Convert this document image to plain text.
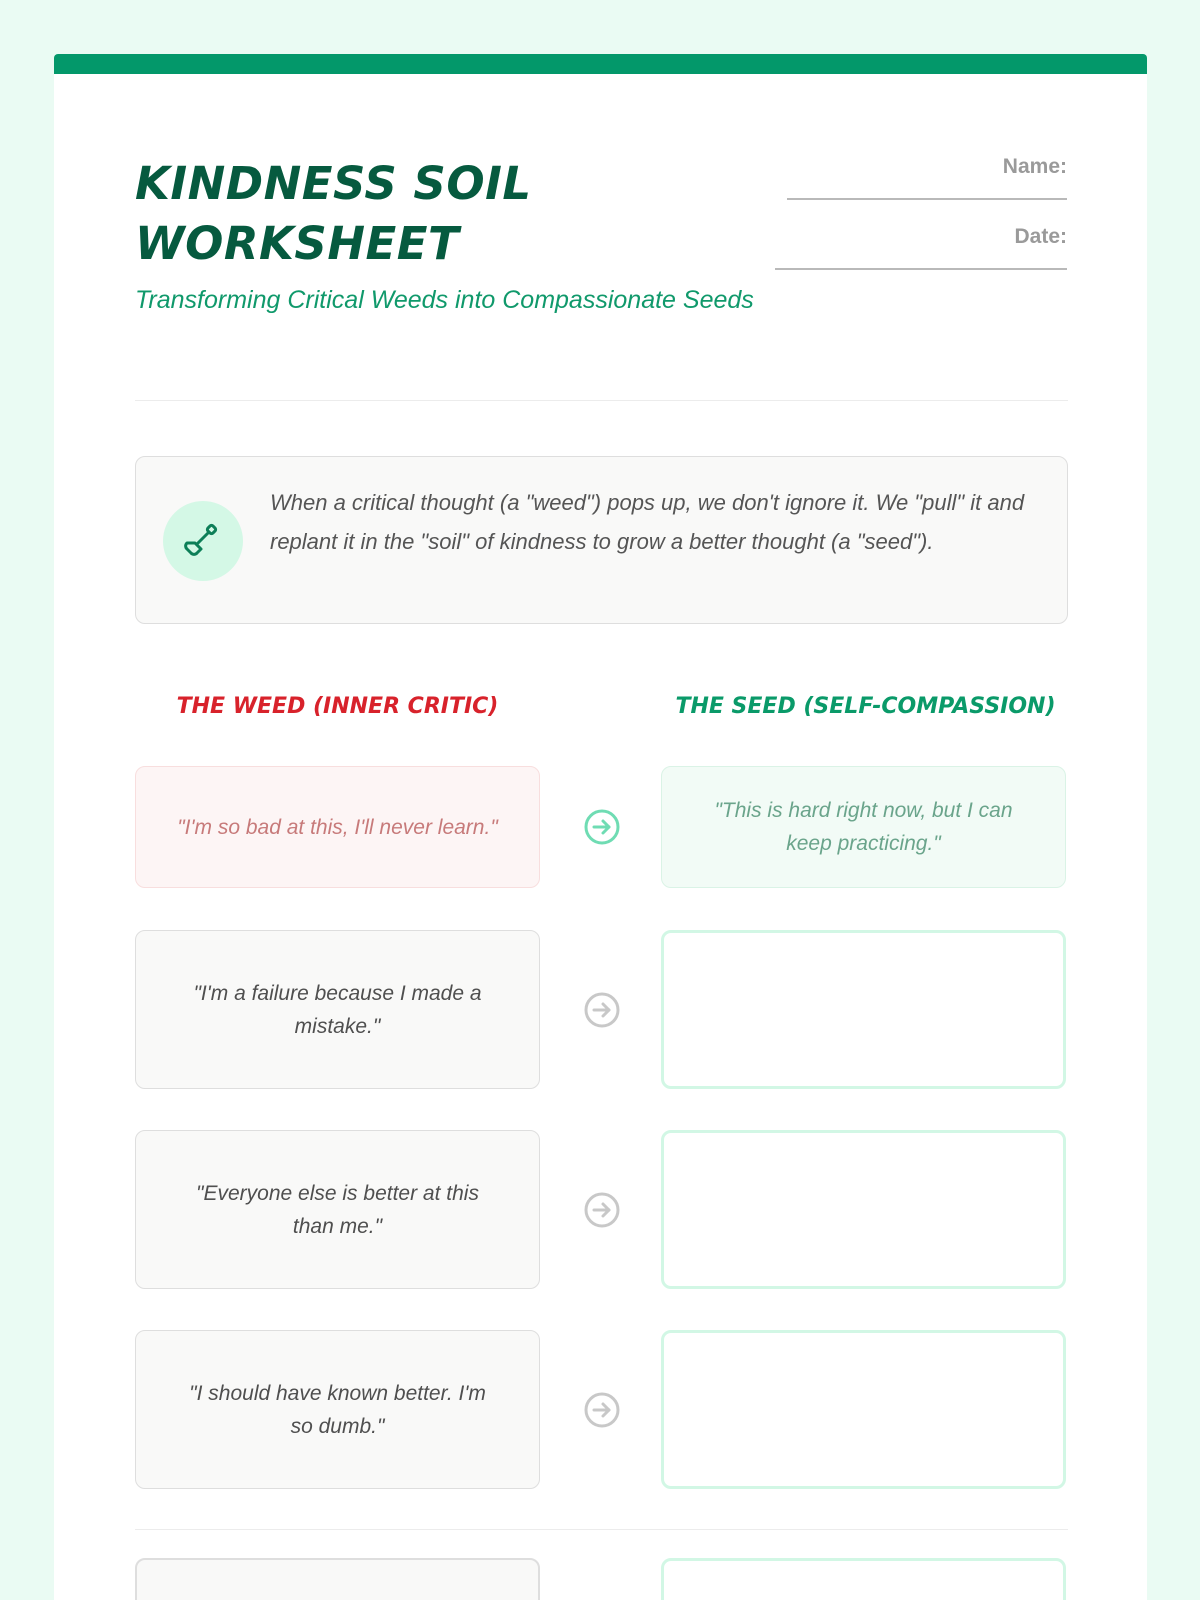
KINDNESS SOIL WORKSHEET

Transforming Critical Weeds into Compassionate Seeds

Name:
Date:

When a critical thought (a "weed") pops up, we don't ignore it. We "pull" it and replant it in the "soil" of kindness to grow a better thought (a "seed").

THE WEED (INNER CRITIC)	THE SEED (SELF-COMPASSION)
"I'm so bad at this, I'll never learn."
"This is hard right now, but I can keep practicing."
"I'm a failure because I made a mistake."
"Everyone else is better at this than me."
"I should have known better. I'm so dumb."
